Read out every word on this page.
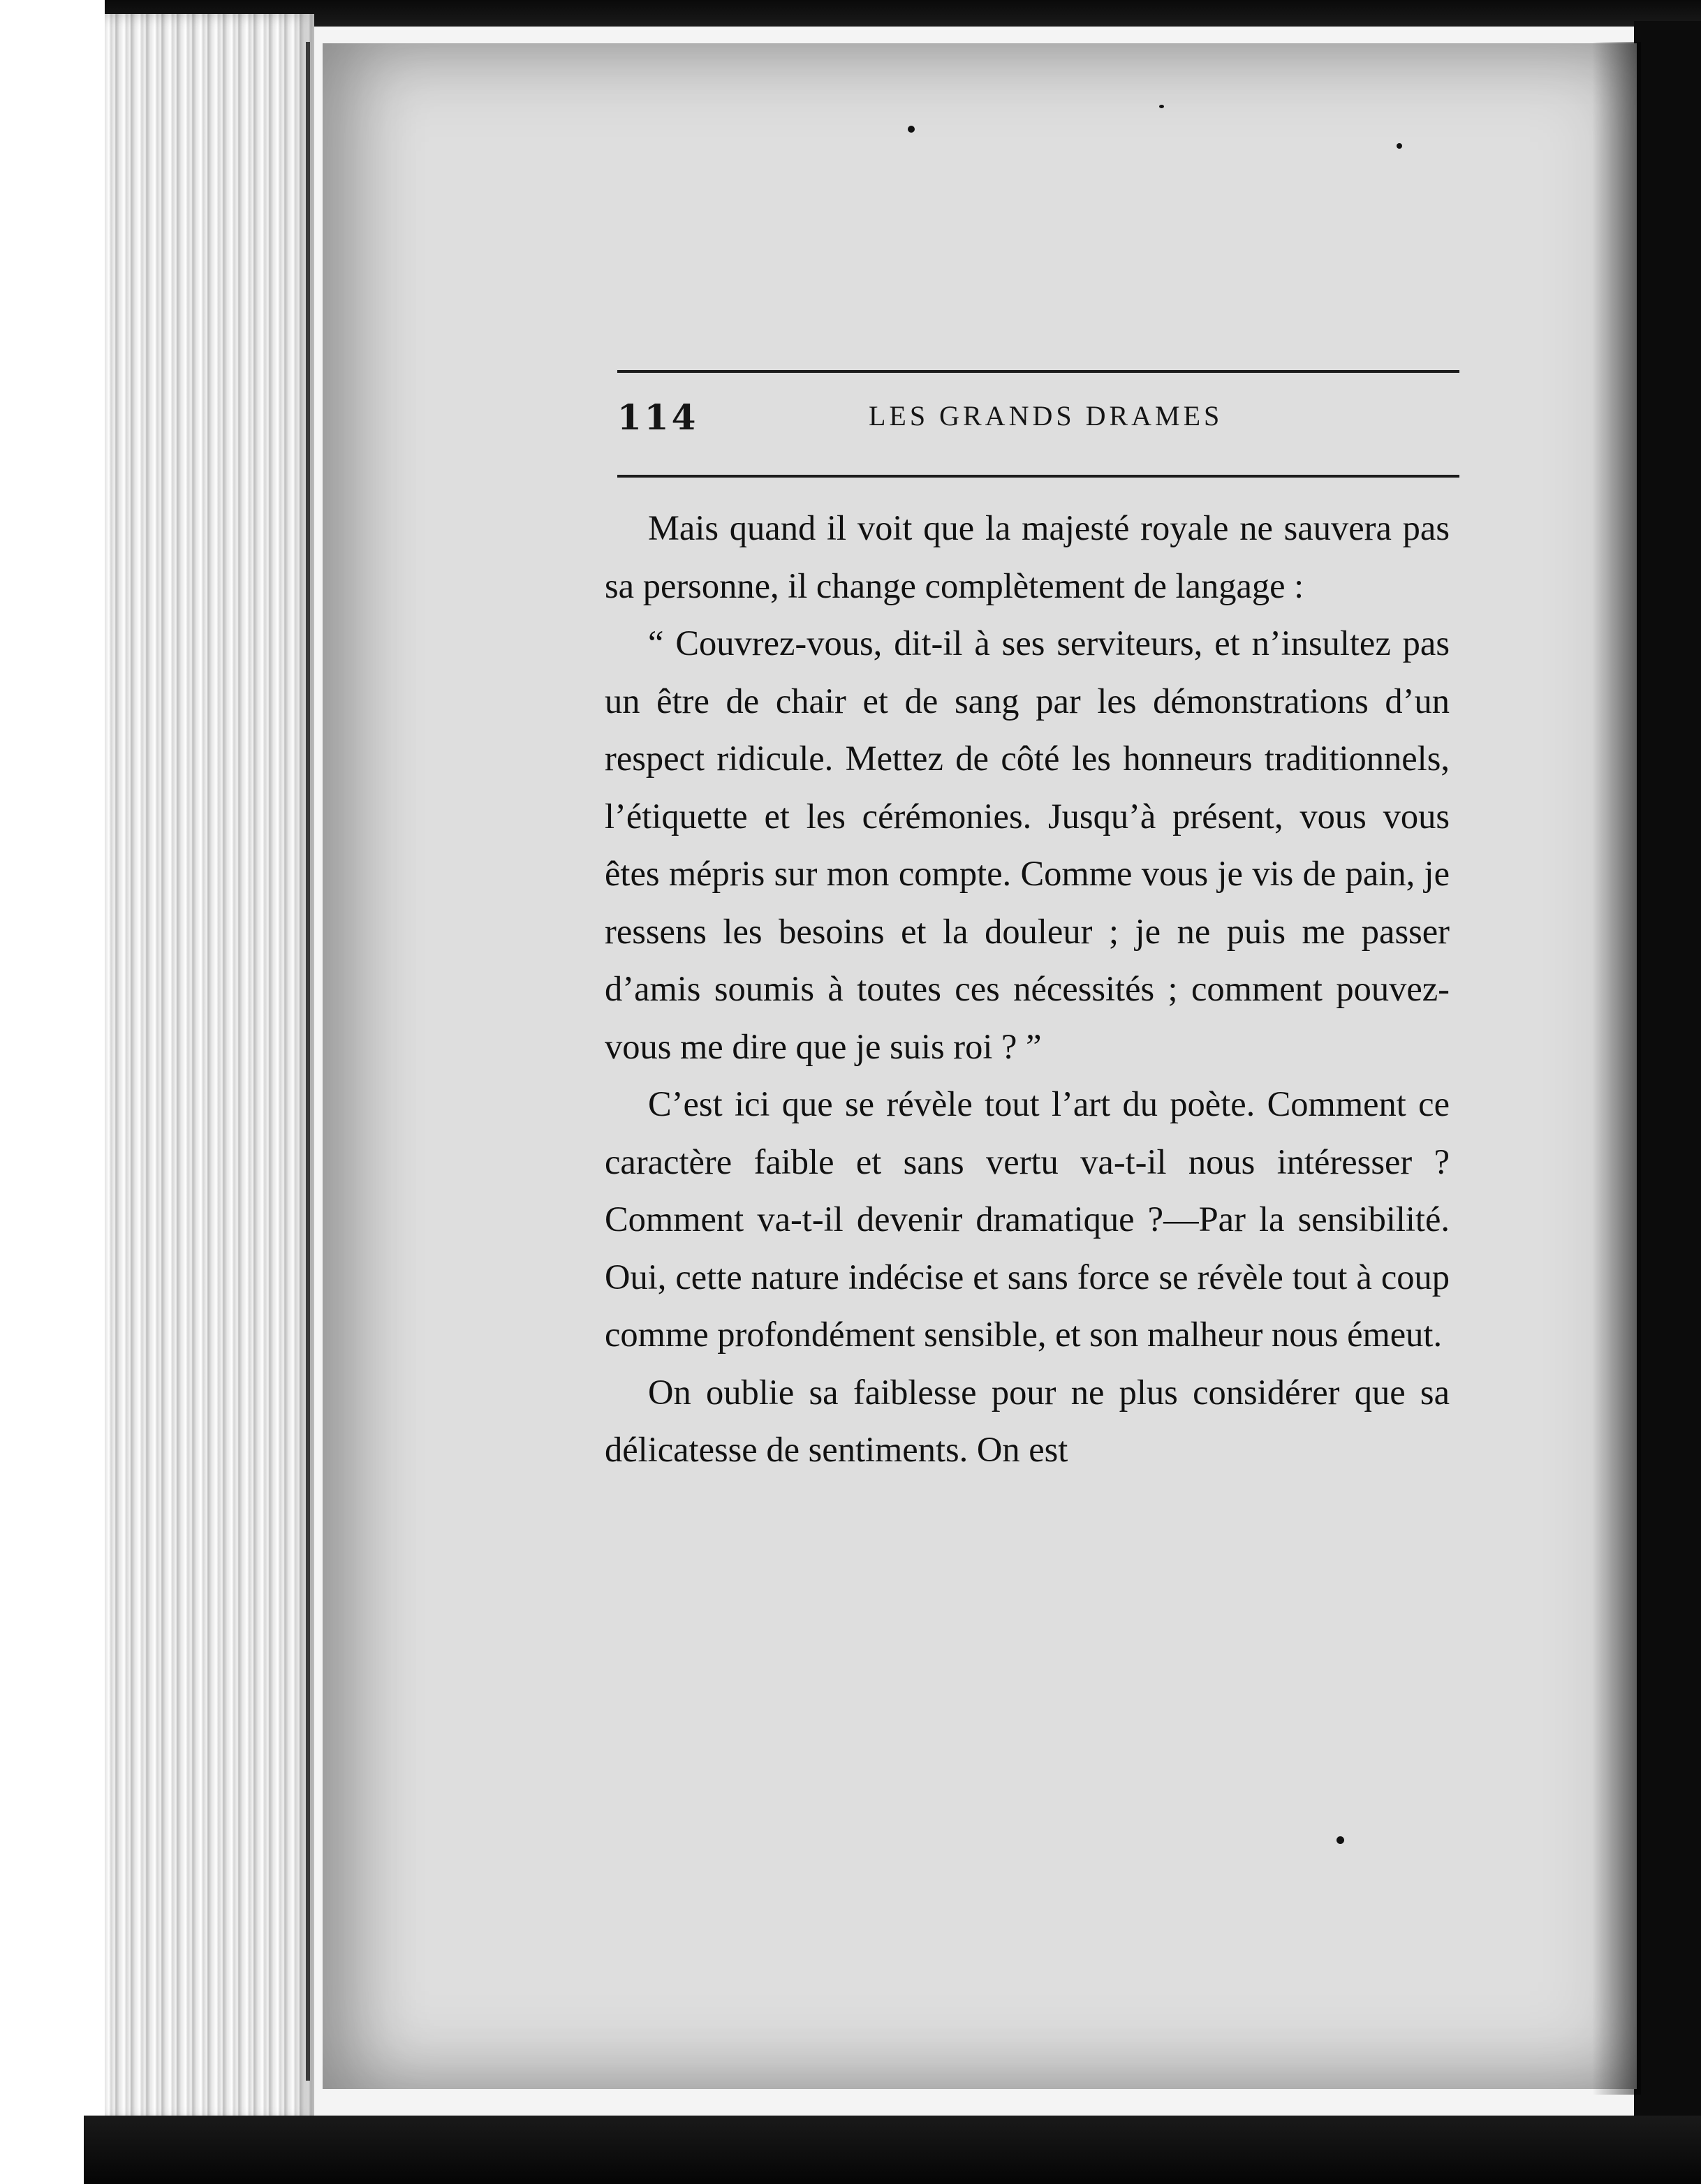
114	LES GRANDS DRAMES

Mais quand il voit que la majesté royale ne sauvera pas sa personne, il change complètement de langage :

“ Couvrez-vous, dit-il à ses serviteurs, et n’insultez pas un être de chair et de sang par les démonstrations d’un respect ridicule. Mettez de côté les honneurs traditionnels, l’étiquette et les cérémonies. Jusqu’à présent, vous vous êtes mépris sur mon compte. Comme vous je vis de pain, je ressens les besoins et la douleur ; je ne puis me passer d’amis soumis à toutes ces nécessités ; comment pouvez-vous me dire que je suis roi ? ”

C’est ici que se révèle tout l’art du poète. Comment ce caractère faible et sans vertu va-t-il nous intéresser ? Comment va-t-il devenir dramatique ?—Par la sensibilité. Oui, cette nature indécise et sans force se révèle tout à coup comme profondément sensible, et son malheur nous émeut.

On oublie sa faiblesse pour ne plus considérer que sa délicatesse de sentiments. On est
